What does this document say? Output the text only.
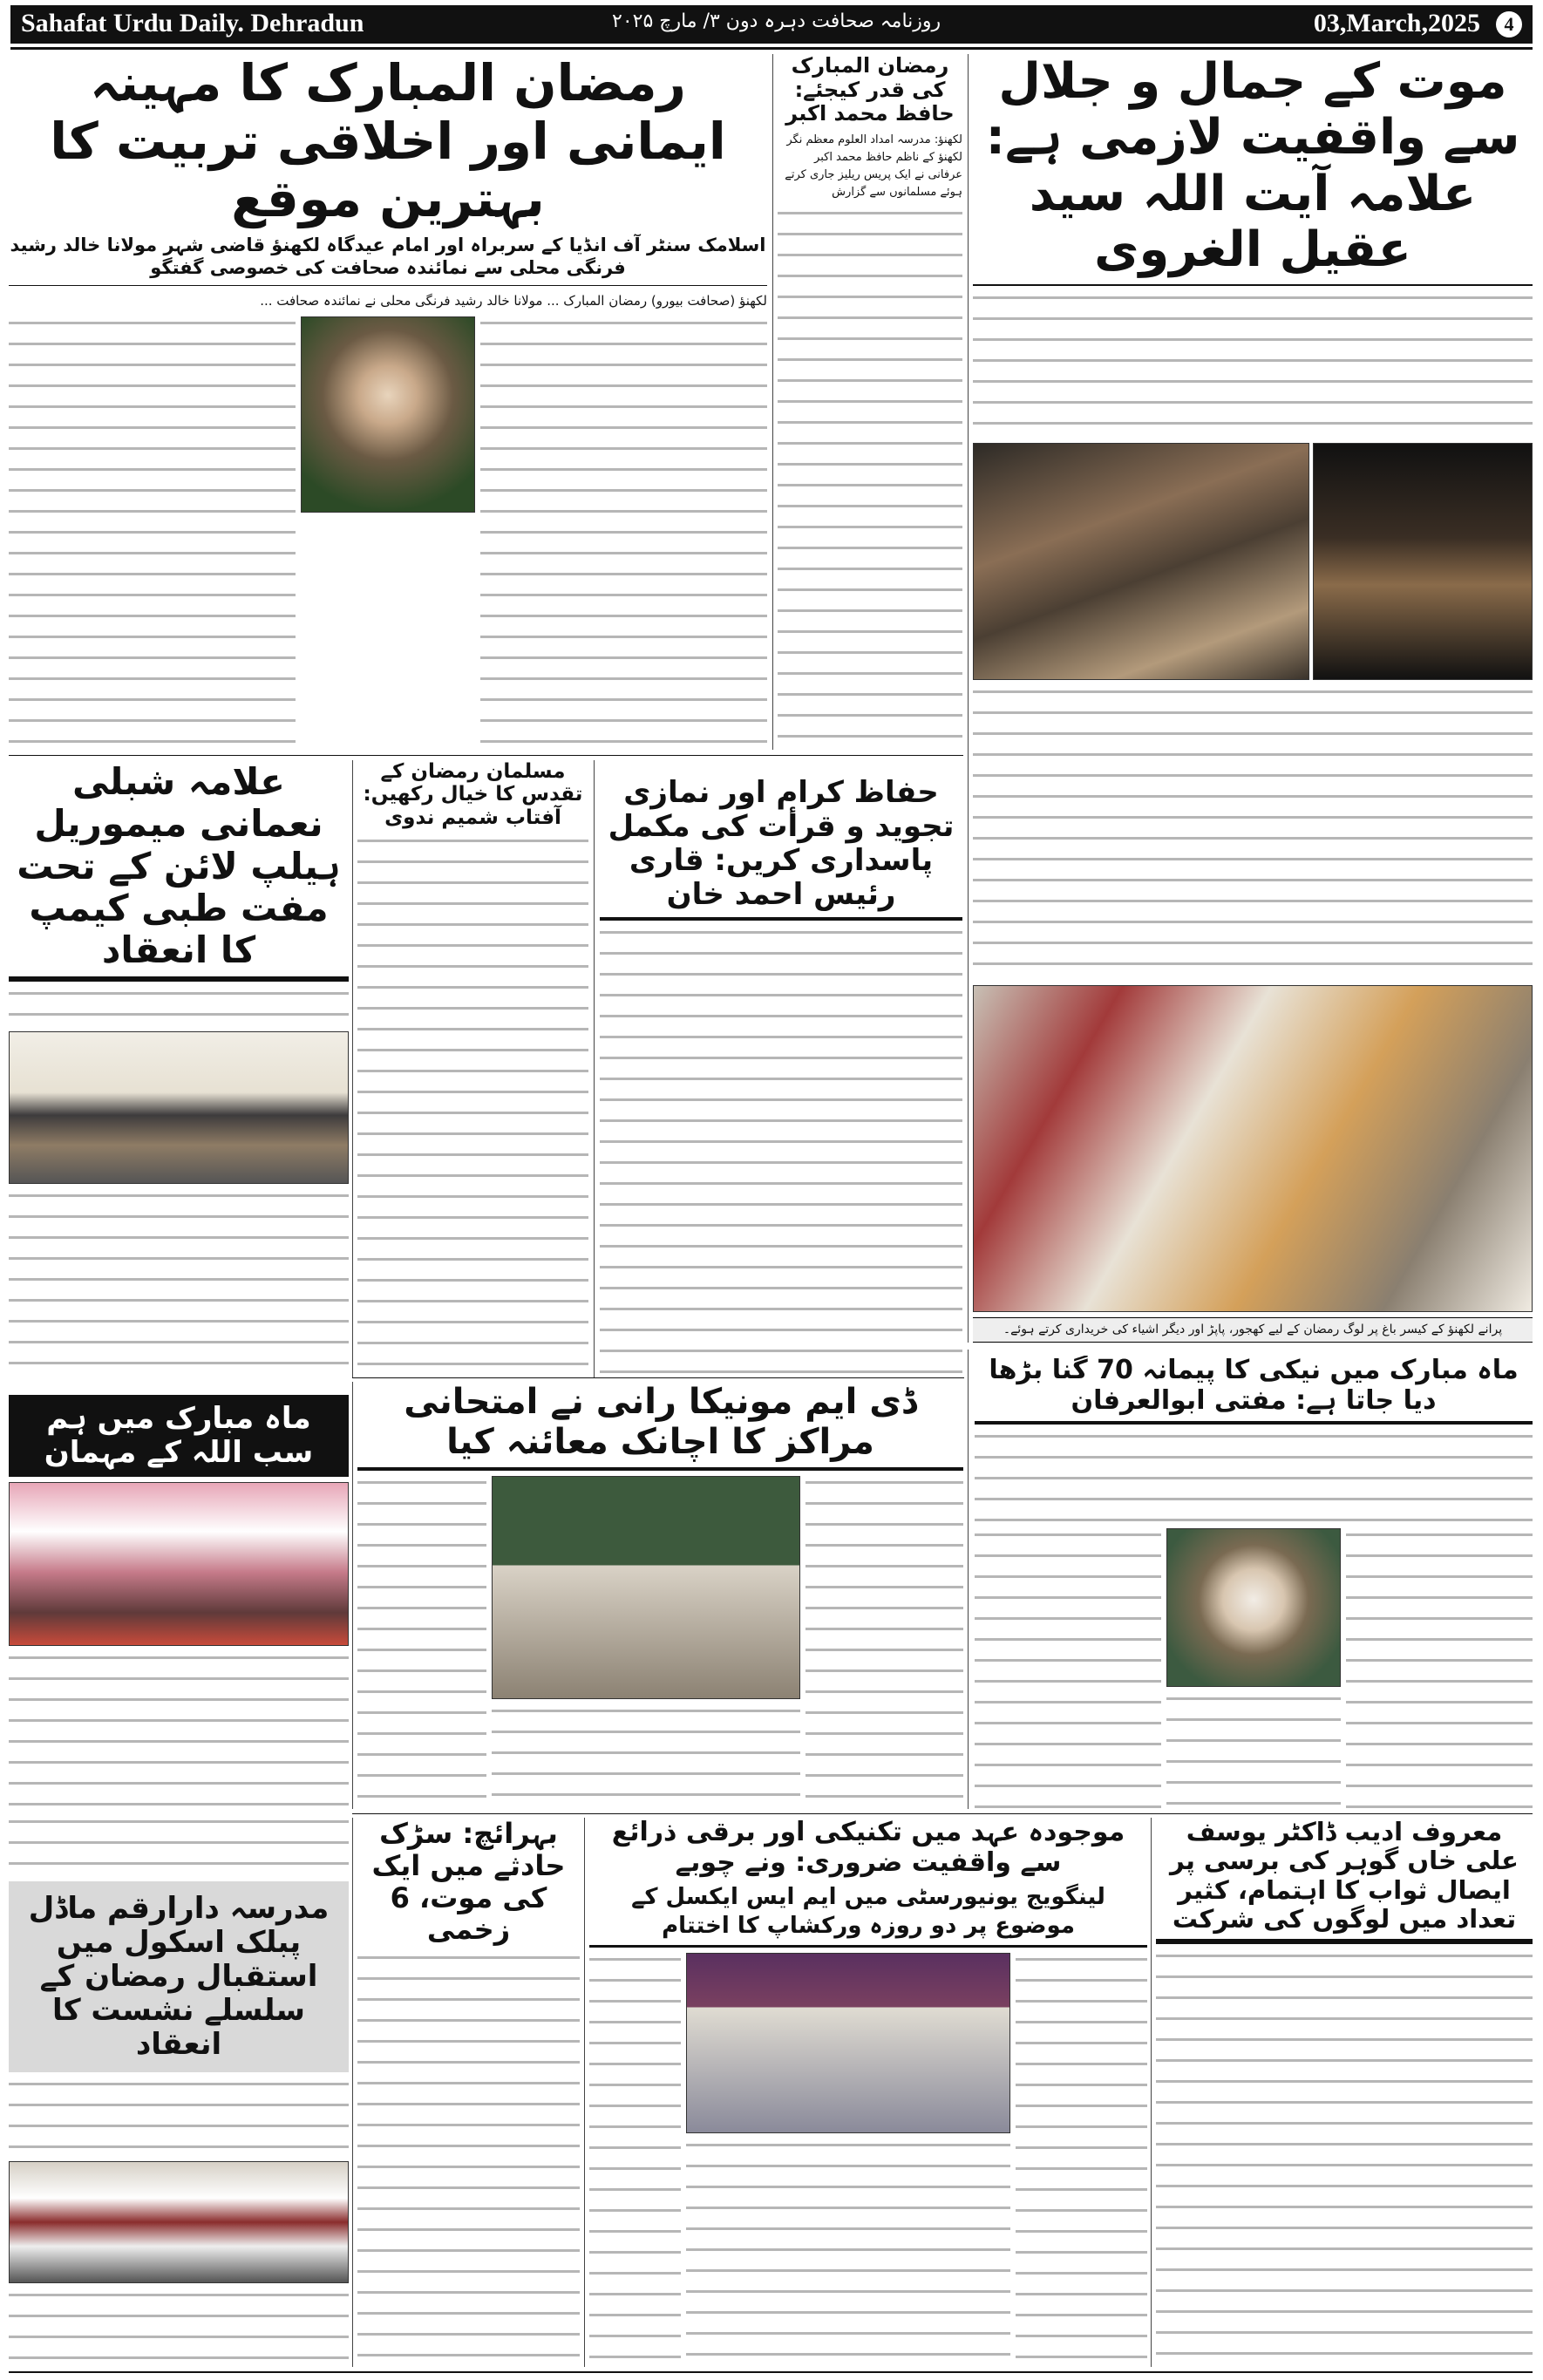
Sahafat Urdu Daily. Dehradun	روزنامہ صحافت دہرہ دون ۳/ مارچ ۲۰۲۵	03,March,2025	4
رمضان المبارک کا مہینہ ایمانی اور اخلاقی تربیت کا بہترین موقع
اسلامک سنٹر آف انڈیا کے سربراہ اور امام عیدگاہ لکھنؤ قاضی شہر مولانا خالد رشید فرنگی محلی سے نمائندہ صحافت کی خصوصی گفتگو
لکھنؤ (صحافت بیورو) رمضان المبارک ... مولانا خالد رشید فرنگی محلی نے نمائندہ صحافت ...
رمضان المبارک کی قدر کیجئے: حافظ محمد اکبر
لکھنؤ: مدرسہ امداد العلوم معظم نگر لکھنؤ کے ناظم حافظ محمد اکبر عرفانی نے ایک پریس ریلیز جاری کرتے ہوئے مسلمانوں سے گزارش
موت کے جمال و جلال سے واقفیت لازمی ہے: علامہ آیت اللہ سید عقیل الغروی
پرانے لکھنؤ کے کیسر باغ پر لوگ رمضان کے لیے کھجور، پاپڑ اور دیگر اشیاء کی خریداری کرتے ہوئے۔
علامہ شبلی نعمانی میموریل ہیلپ لائن کے تحت مفت طبی کیمپ کا انعقاد
مسلمان رمضان کے تقدس کا خیال رکھیں: آفتاب شمیم ندوی
حفاظ کرام اور نمازی تجوید و قرأت کی مکمل پاسداری کریں: قاری رئیس احمد خان
ماہ مبارک میں ہم سب اللہ کے مہمان
ڈی ایم مونیکا رانی نے امتحانی مراکز کا اچانک معائنہ کیا
ماہ مبارک میں نیکی کا پیمانہ 70 گنا بڑھا دیا جاتا ہے: مفتی ابوالعرفان
مدرسہ دارارقم ماڈل پبلک اسکول میں استقبال رمضان کے سلسلے نشست کا انعقاد
بہرائچ: سڑک حادثے میں ایک کی موت، 6 زخمی
موجودہ عہد میں تکنیکی اور برقی ذرائع سے واقفیت ضروری: ونے چوبے
لینگویج یونیورسٹی میں ایم ایس ایکسل کے موضوع پر دو روزہ ورکشاپ کا اختتام
معروف ادیب ڈاکٹر یوسف علی خاں گوہر کی برسی پر ایصال ثواب کا اہتمام، کثیر تعداد میں لوگوں کی شرکت
